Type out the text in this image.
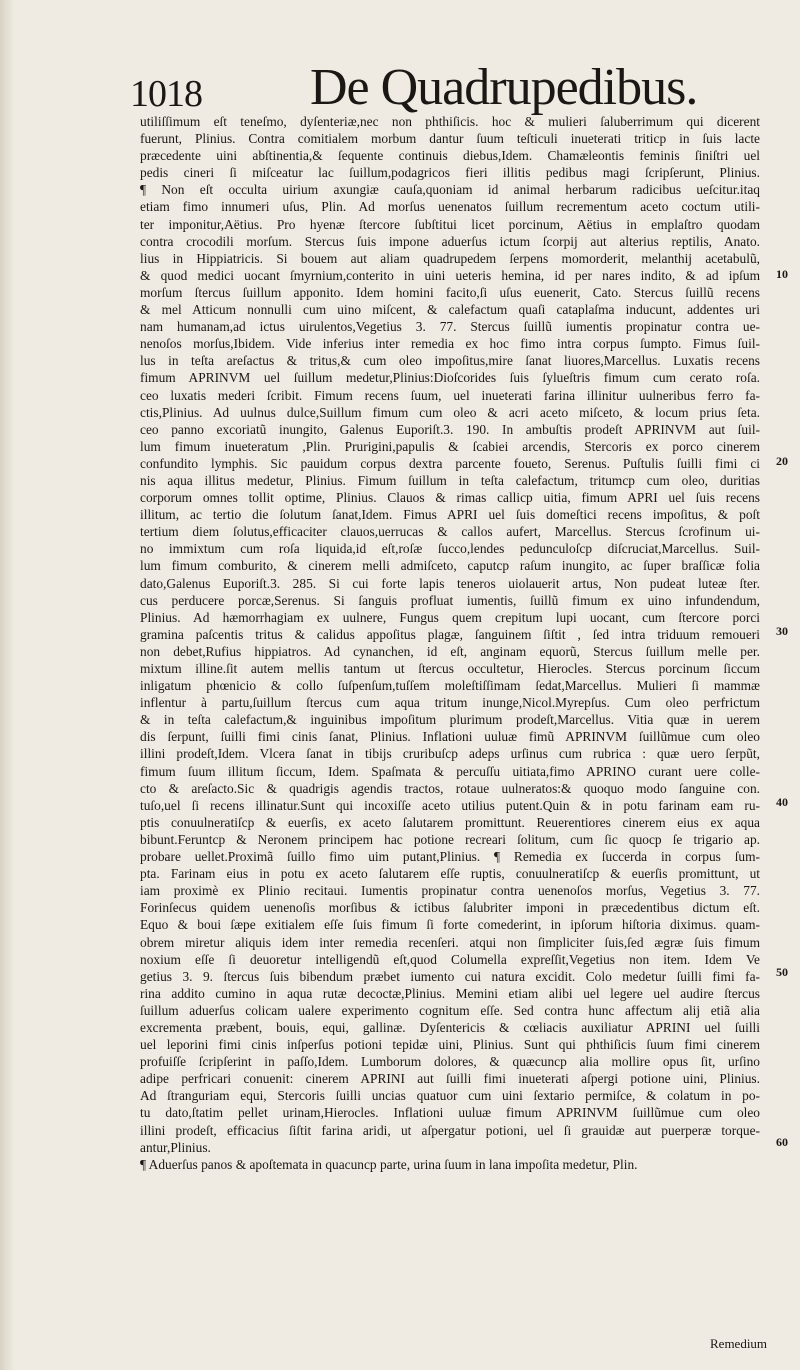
1018 De Quadrupedibus.
utiliſſimum eſt teneſmo, dyſenteriæ,nec non phthiſicis. hoc & mulieri ſaluberrimum qui dicerent
fuerunt, Plinius. Contra comitialem morbum dantur ſuum teſticuli inueterati triticp in ſuis lacte
præcedente uini abſtinentia,& ſequente continuis diebus,Idem. Chamæleontis feminis ſiniſtri uel
pedis cineri ſi miſceatur lac ſuillum,podagricos fieri illitis pedibus magi ſcripſerunt, Plinius.
¶ Non eſt occulta uirium axungiæ cauſa,quoniam id animal herbarum radicibus ueſcitur.itaq
etiam fimo innumeri uſus, Plin. Ad morſus uenenatos ſuillum recrementum aceto coctum utili-
ter imponitur,Aëtius. Pro hyenæ ſtercore ſubſtitui licet porcinum, Aëtius in emplaſtro quodam
contra crocodili morſum. Stercus ſuis impone aduerſus ictum ſcorpij aut alterius reptilis, Anato.
lius in Hippiatricis. Si bouem aut aliam quadrupedem ſerpens momorderit, melanthij acetabulũ,
& quod medici uocant ſmyrnium,conterito in uini ueteris hemina, id per nares indito, & ad ipſum
morſum ſtercus ſuillum apponito. Idem homini facito,ſi uſus euenerit, Cato. Stercus ſuillũ recens
& mel Atticum nonnulli cum uino miſcent, & calefactum quaſi cataplaſma inducunt, addentes uri
nam humanam,ad ictus uirulentos,Vegetius 3. 77. Stercus ſuillũ iumentis propinatur contra ue-
nenoſos morſus,Ibidem. Vide inferius inter remedia ex hoc fimo intra corpus ſumpto. Fimus ſuil-
lus in teſta areſactus & tritus,& cum oleo impoſitus,mire ſanat liuores,Marcellus. Luxatis recens
fimum APRINVM uel ſuillum medetur,Plinius:Dioſcorides ſuis ſylueſtris fimum cum cerato roſa.
ceo luxatis mederi ſcribit. Fimum recens ſuum, uel inueterati farina illinitur uulneribus ferro fa-
ctis,Plinius. Ad uulnus dulce,Suillum fimum cum oleo & acri aceto miſceto, & locum prius ſeta.
ceo panno excoriatũ inungito, Galenus Euporiſt.3. 190. In ambuſtis prodeſt APRINVM aut ſuil-
lum fimum inueteratum ,Plin. Prurigini,papulis & ſcabiei arcendis, Stercoris ex porco cinerem
confundito lymphis. Sic pauidum corpus dextra parcente foueto, Serenus. Puſtulis ſuilli fimi ci
nis aqua illitus medetur, Plinius. Fimum ſuillum in teſta calefactum, tritumcp cum oleo, duritias
corporum omnes tollit optime, Plinius. Clauos & rimas callicp uitia, fimum APRI uel ſuis recens
illitum, ac tertio die ſolutum ſanat,Idem. Fimus APRI uel ſuis domeſtici recens impoſitus, & poſt
tertium diem ſolutus,efficaciter clauos,uerrucas & callos aufert, Marcellus. Stercus ſcrofinum ui-
no immixtum cum roſa liquida,id eſt,roſæ ſucco,lendes pedunculoſcp diſcruciat,Marcellus. Suil-
lum fimum comburito, & cinerem melli admiſceto, caputcp raſum inungito, ac ſuper braſſicæ folia
dato,Galenus Euporiſt.3. 285. Si cui forte lapis teneros uiolauerit artus, Non pudeat luteæ ſter.
cus perducere porcæ,Serenus. Si ſanguis profluat iumentis, ſuillũ fimum ex uino infundendum,
Plinius. Ad hæmorrhagiam ex uulnere, Fungus quem crepitum lupi uocant, cum ſtercore porci
gramina paſcentis tritus & calidus appoſitus plagæ, ſanguinem ſiſtit , ſed intra triduum remoueri
non debet,Rufius hippiatros. Ad cynanchen, id eſt, anginam equorũ, Stercus ſuillum melle per.
mixtum illine.ſit autem mellis tantum ut ſtercus occultetur, Hierocles. Stercus porcinum ſiccum
inligatum phœnicio & collo ſuſpenſum,tuſſem moleſtiſſimam ſedat,Marcellus. Mulieri ſi mammæ
inflentur à partu,ſuillum ſtercus cum aqua tritum inunge,Nicol.Myrepſus. Cum oleo perfrictum
& in teſta calefactum,& inguinibus impoſitum plurimum prodeſt,Marcellus. Vitia quæ in uerem
dis ſerpunt, ſuilli fimi cinis ſanat, Plinius. Inflationi uuluæ fimũ APRINVM ſuillũmue cum oleo
illini prodeſt,Idem. Vlcera ſanat in tibijs cruribuſcp adeps urſinus cum rubrica : quæ uero ſerpũt,
fimum ſuum illitum ſiccum, Idem. Spaſmata & percuſſu uitiata,fimo APRINO curant uere colle-
cto & areſacto.Sic & quadrigis agendis tractos, rotaue uulneratos:& quoquo modo ſanguine con.
tuſo,uel ſi recens illinatur.Sunt qui incoxiſſe aceto utilius putent.Quin & in potu farinam eam ru-
ptis conuulneratiſcp & euerſis, ex aceto ſalutarem promittunt. Reuerentiores cinerem eius ex aqua
bibunt.Feruntcp & Neronem principem hac potione recreari ſolitum, cum ſic quocp ſe trigario ap.
probare uellet.Proximã ſuillo fimo uim putant,Plinius. ¶ Remedia ex ſuccerda in corpus ſum-
pta. Farinam eius in potu ex aceto ſalutarem eſſe ruptis, conuulneratiſcp & euerſis promittunt, ut
iam proximè ex Plinio recitaui. Iumentis propinatur contra uenenoſos morſus, Vegetius 3. 77.
Forinſecus quidem uenenoſis morſibus & ictibus ſalubriter imponi in præcedentibus dictum eſt.
Equo & boui ſæpe exitialem eſſe ſuis fimum ſi forte comederint, in ipſorum hiſtoria diximus. quam-
obrem miretur aliquis idem inter remedia recenſeri. atqui non ſimpliciter ſuis,ſed ægræ ſuis fimum
noxium eſſe ſi deuoretur intelligendũ eſt,quod Columella expreſſit,Vegetius non item. Idem Ve
getius 3. 9. ſtercus ſuis bibendum præbet iumento cui natura excidit. Colo medetur ſuilli fimi fa-
rina addito cumino in aqua rutæ decoctæ,Plinius. Memini etiam alibi uel legere uel audire ſtercus
ſuillum aduerſus colicam ualere experimento cognitum eſſe. Sed contra hunc affectum alij etiã alia
excrementa præbent, bouis, equi, gallinæ. Dyſentericis & cœliacis auxiliatur APRINI uel ſuilli
uel leporini fimi cinis inſperſus potioni tepidæ uini, Plinius. Sunt qui phthiſicis ſuum fimi cinerem
profuiſſe ſcripſerint in paſſo,Idem. Lumborum dolores, & quæcuncp alia mollire opus ſit, urſino
adipe perfricari conuenit: cinerem APRINI aut ſuilli fimi inueterati aſpergi potione uini, Plinius.
Ad ſtranguriam equi, Stercoris ſuilli uncias quatuor cum uini ſextario permiſce, & colatum in po-
tu dato,ſtatim pellet urinam,Hierocles. Inflationi uuluæ fimum APRINVM ſuillũmue cum oleo
illini prodeſt, efficacius ſiſtit farina aridi, ut aſpergatur potioni, uel ſi grauidæ aut puerperæ torque-
antur,Plinius.
¶ Aduerſus panos & apoſtemata in quacuncp parte, urina ſuum in lana impoſita medetur, Plin.
10
20
30
40
50
60
Remedium
